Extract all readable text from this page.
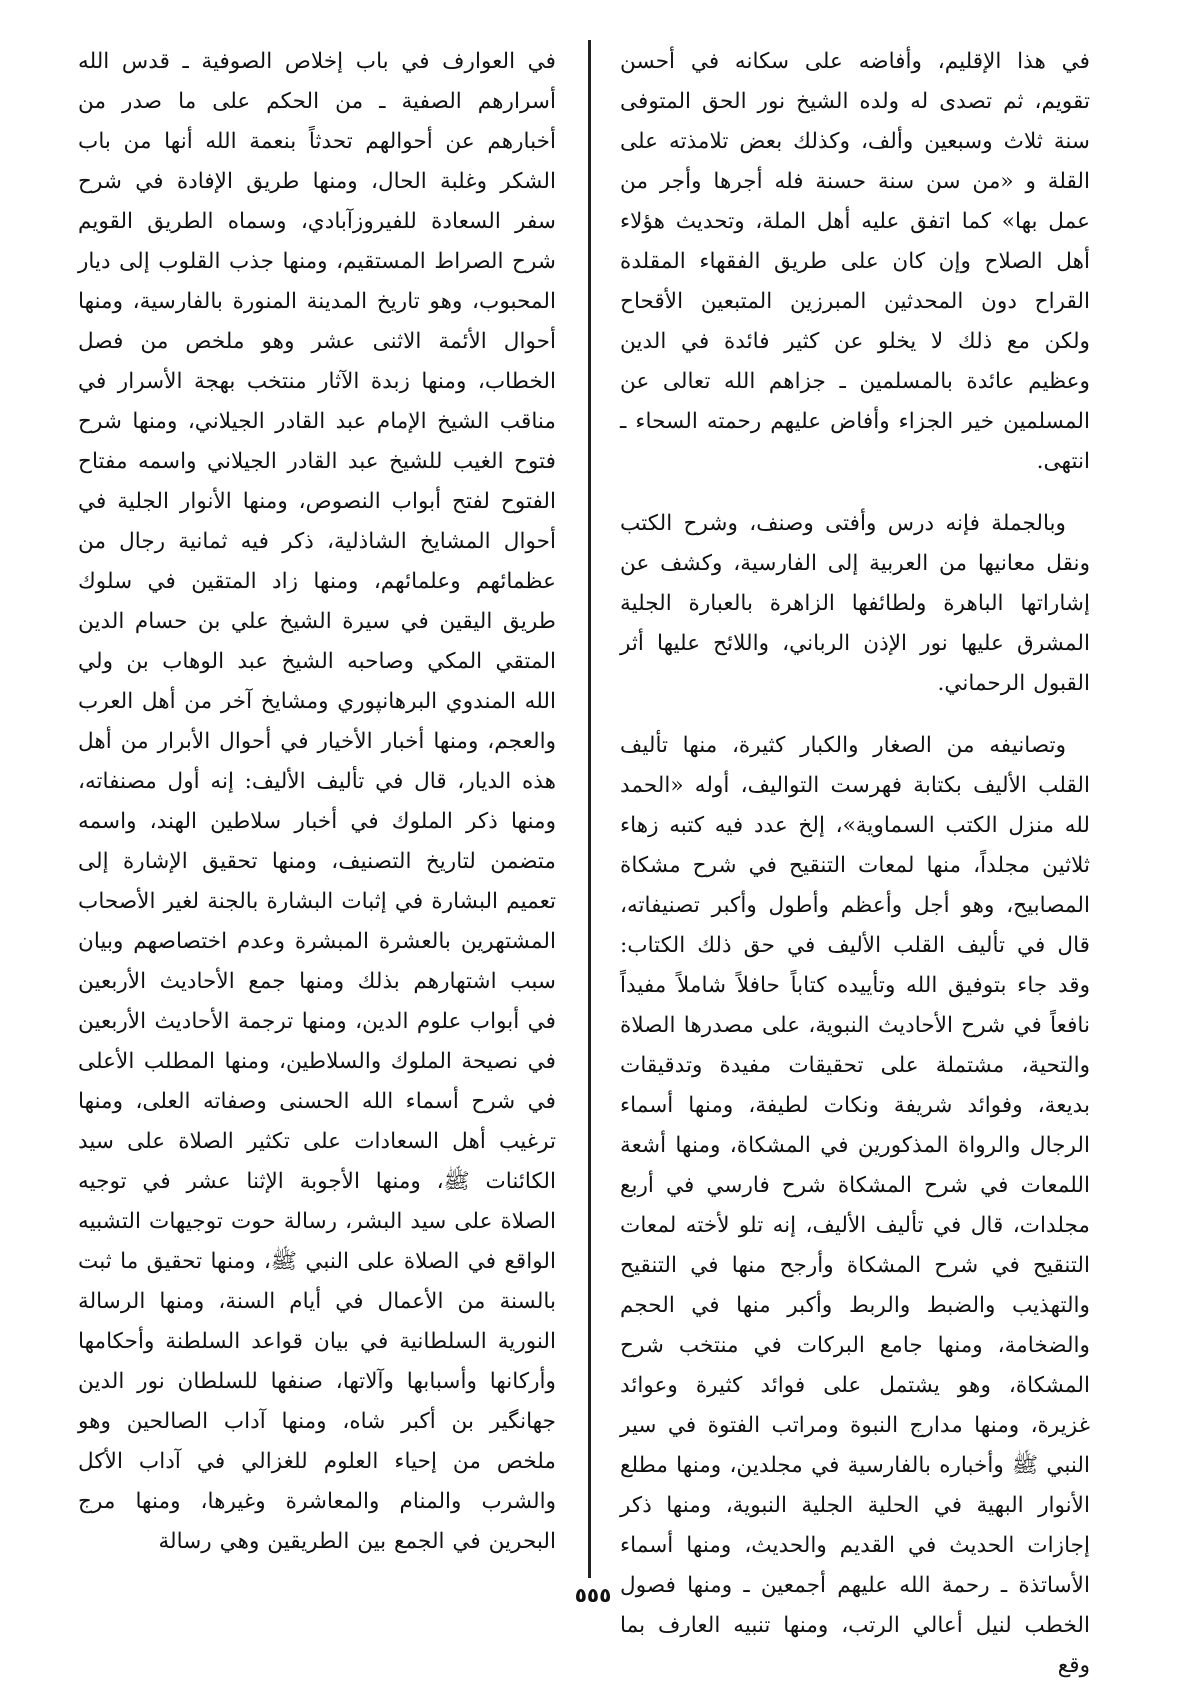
في هذا الإقليم، وأفاضه على سكانه في أحسن تقويم، ثم تصدى له ولده الشيخ نور الحق المتوفى سنة ثلاث وسبعين وألف، وكذلك بعض تلامذته على القلة و «من سن سنة حسنة فله أجرها وأجر من عمل بها» كما اتفق عليه أهل الملة، وتحديث هؤلاء أهل الصلاح وإن كان على طريق الفقهاء المقلدة القراح دون المحدثين المبرزين المتبعين الأقحاح ولكن مع ذلك لا يخلو عن كثير فائدة في الدين وعظيم عائدة بالمسلمين ـ جزاهم الله تعالى عن المسلمين خير الجزاء وأفاض عليهم رحمته السحاء ـ انتهى.

وبالجملة فإنه درس وأفتى وصنف، وشرح الكتب ونقل معانيها من العربية إلى الفارسية، وكشف عن إشاراتها الباهرة ولطائفها الزاهرة بالعبارة الجلية المشرق عليها نور الإذن الرباني، واللائح عليها أثر القبول الرحماني.

وتصانيفه من الصغار والكبار كثيرة، منها تأليف القلب الأليف بكتابة فهرست التواليف، أوله «الحمد لله منزل الكتب السماوية»، إلخ عدد فيه كتبه زهاء ثلاثين مجلداً، منها لمعات التنقيح في شرح مشكاة المصابيح، وهو أجل وأعظم وأطول وأكبر تصنيفاته، قال في تأليف القلب الأليف في حق ذلك الكتاب: وقد جاء بتوفيق الله وتأييده كتاباً حافلاً شاملاً مفيداً نافعاً في شرح الأحاديث النبوية، على مصدرها الصلاة والتحية، مشتملة على تحقيقات مفيدة وتدقيقات بديعة، وفوائد شريفة ونكات لطيفة، ومنها أسماء الرجال والرواة المذكورين في المشكاة، ومنها أشعة اللمعات في شرح المشكاة شرح فارسي في أربع مجلدات، قال في تأليف الأليف، إنه تلو لأخته لمعات التنقيح في شرح المشكاة وأرجح منها في التنقيح والتهذيب والضبط والربط وأكبر منها في الحجم والضخامة، ومنها جامع البركات في منتخب شرح المشكاة، وهو يشتمل على فوائد كثيرة وعوائد غزيرة، ومنها مدارج النبوة ومراتب الفتوة في سير النبي ﷺ وأخباره بالفارسية في مجلدين، ومنها مطلع الأنوار البهية في الحلية الجلية النبوية، ومنها ذكر إجازات الحديث في القديم والحديث، ومنها أسماء الأساتذة ـ رحمة الله عليهم أجمعين ـ ومنها فصول الخطب لنيل أعالي الرتب، ومنها تنبيه العارف بما وقع

في العوارف في باب إخلاص الصوفية ـ قدس الله أسرارهم الصفية ـ من الحكم على ما صدر من أخبارهم عن أحوالهم تحدثاً بنعمة الله أنها من باب الشكر وغلبة الحال، ومنها طريق الإفادة في شرح سفر السعادة للفيروزآبادي، وسماه الطريق القويم شرح الصراط المستقيم، ومنها جذب القلوب إلى ديار المحبوب، وهو تاريخ المدينة المنورة بالفارسية، ومنها أحوال الأئمة الاثنى عشر وهو ملخص من فصل الخطاب، ومنها زبدة الآثار منتخب بهجة الأسرار في مناقب الشيخ الإمام عبد القادر الجيلاني، ومنها شرح فتوح الغيب للشيخ عبد القادر الجيلاني واسمه مفتاح الفتوح لفتح أبواب النصوص، ومنها الأنوار الجلية في أحوال المشايخ الشاذلية، ذكر فيه ثمانية رجال من عظمائهم وعلمائهم، ومنها زاد المتقين في سلوك طريق اليقين في سيرة الشيخ علي بن حسام الدين المتقي المكي وصاحبه الشيخ عبد الوهاب بن ولي الله المندوي البرهانپوري ومشايخ آخر من أهل العرب والعجم، ومنها أخبار الأخيار في أحوال الأبرار من أهل هذه الديار، قال في تأليف الأليف: إنه أول مصنفاته، ومنها ذكر الملوك في أخبار سلاطين الهند، واسمه متضمن لتاريخ التصنيف، ومنها تحقيق الإشارة إلى تعميم البشارة في إثبات البشارة بالجنة لغير الأصحاب المشتهرين بالعشرة المبشرة وعدم اختصاصهم وبيان سبب اشتهارهم بذلك ومنها جمع الأحاديث الأربعين في أبواب علوم الدين، ومنها ترجمة الأحاديث الأربعين في نصيحة الملوك والسلاطين، ومنها المطلب الأعلى في شرح أسماء الله الحسنى وصفاته العلى، ومنها ترغيب أهل السعادات على تكثير الصلاة على سيد الكائنات ﷺ، ومنها الأجوبة الإثنا عشر في توجيه الصلاة على سيد البشر، رسالة حوت توجيهات التشبيه الواقع في الصلاة على النبي ﷺ، ومنها تحقيق ما ثبت بالسنة من الأعمال في أيام السنة، ومنها الرسالة النورية السلطانية في بيان قواعد السلطنة وأحكامها وأركانها وأسبابها وآلاتها، صنفها للسلطان نور الدين جهانگير بن أكبر شاه، ومنها آداب الصالحين وهو ملخص من إحياء العلوم للغزالي في آداب الأكل والشرب والمنام والمعاشرة وغيرها، ومنها مرج البحرين في الجمع بين الطريقين وهي رسالة

٥٥٥
